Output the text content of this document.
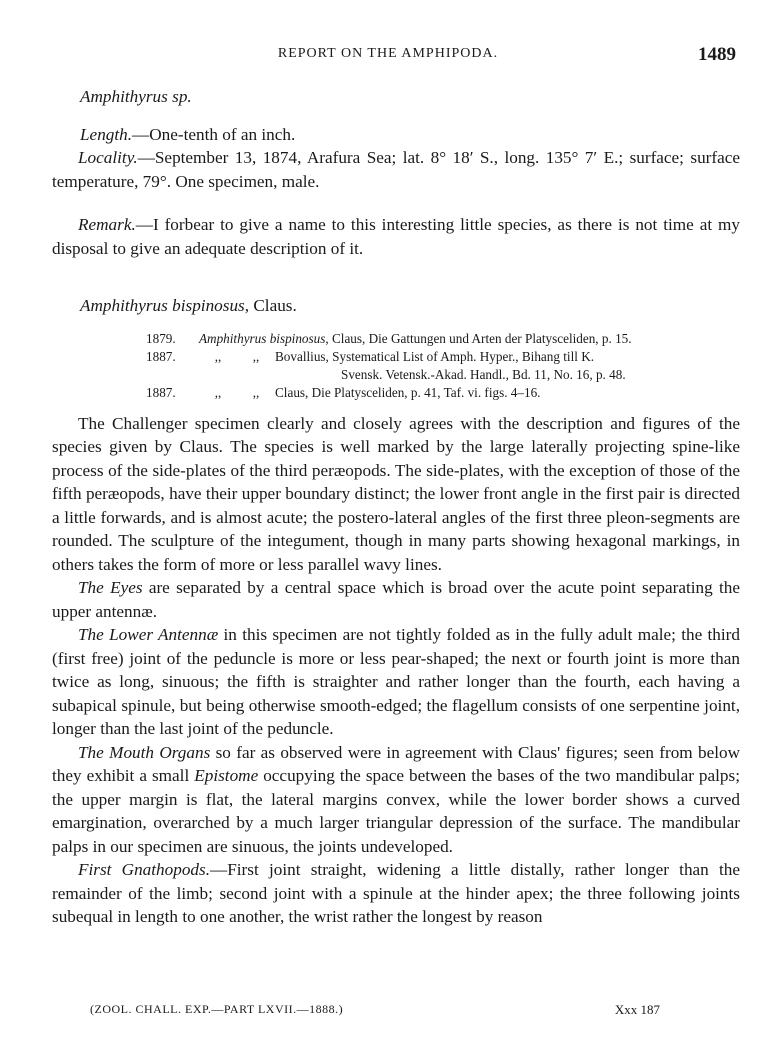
REPORT ON THE AMPHIPODA.	1489

Amphithyrus sp.

Length.—One-tenth of an inch.

Locality.—September 13, 1874, Arafura Sea; lat. 8° 18′ S., long. 135° 7′ E.; surface; surface temperature, 79°. One specimen, male.

Remark.—I forbear to give a name to this interesting little species, as there is not time at my disposal to give an adequate description of it.

Amphithyrus bispinosus, Claus.

1879.	Amphithyrus bispinosus, Claus, Die Gattungen und Arten der Platysceliden, p. 15.
1887.	,,	,,	Bovallius, Systematical List of Amph. Hyper., Bihang till K.
Svensk. Vetensk.-Akad. Handl., Bd. 11, No. 16, p. 48.
1887.	,,	,,	Claus, Die Platysceliden, p. 41, Taf. vi. figs. 4–16.

The Challenger specimen clearly and closely agrees with the description and figures of the species given by Claus. The species is well marked by the large laterally projecting spine-like process of the side-plates of the third peræopods. The side-plates, with the exception of those of the fifth peræopods, have their upper boundary distinct; the lower front angle in the first pair is directed a little forwards, and is almost acute; the postero-lateral angles of the first three pleon-segments are rounded. The sculpture of the integument, though in many parts showing hexagonal markings, in others takes the form of more or less parallel wavy lines.

The Eyes are separated by a central space which is broad over the acute point separating the upper antennæ.

The Lower Antennæ in this specimen are not tightly folded as in the fully adult male; the third (first free) joint of the peduncle is more or less pear-shaped; the next or fourth joint is more than twice as long, sinuous; the fifth is straighter and rather longer than the fourth, each having a subapical spinule, but being otherwise smooth-edged; the flagellum consists of one serpentine joint, longer than the last joint of the peduncle.

The Mouth Organs so far as observed were in agreement with Claus' figures; seen from below they exhibit a small Epistome occupying the space between the bases of the two mandibular palps; the upper margin is flat, the lateral margins convex, while the lower border shows a curved emargination, overarched by a much larger triangular depression of the surface. The mandibular palps in our specimen are sinuous, the joints undeveloped.

First Gnathopods.—First joint straight, widening a little distally, rather longer than the remainder of the limb; second joint with a spinule at the hinder apex; the three following joints subequal in length to one another, the wrist rather the longest by reason

(ZOOL. CHALL. EXP.—PART LXVII.—1888.)	Xxx 187
